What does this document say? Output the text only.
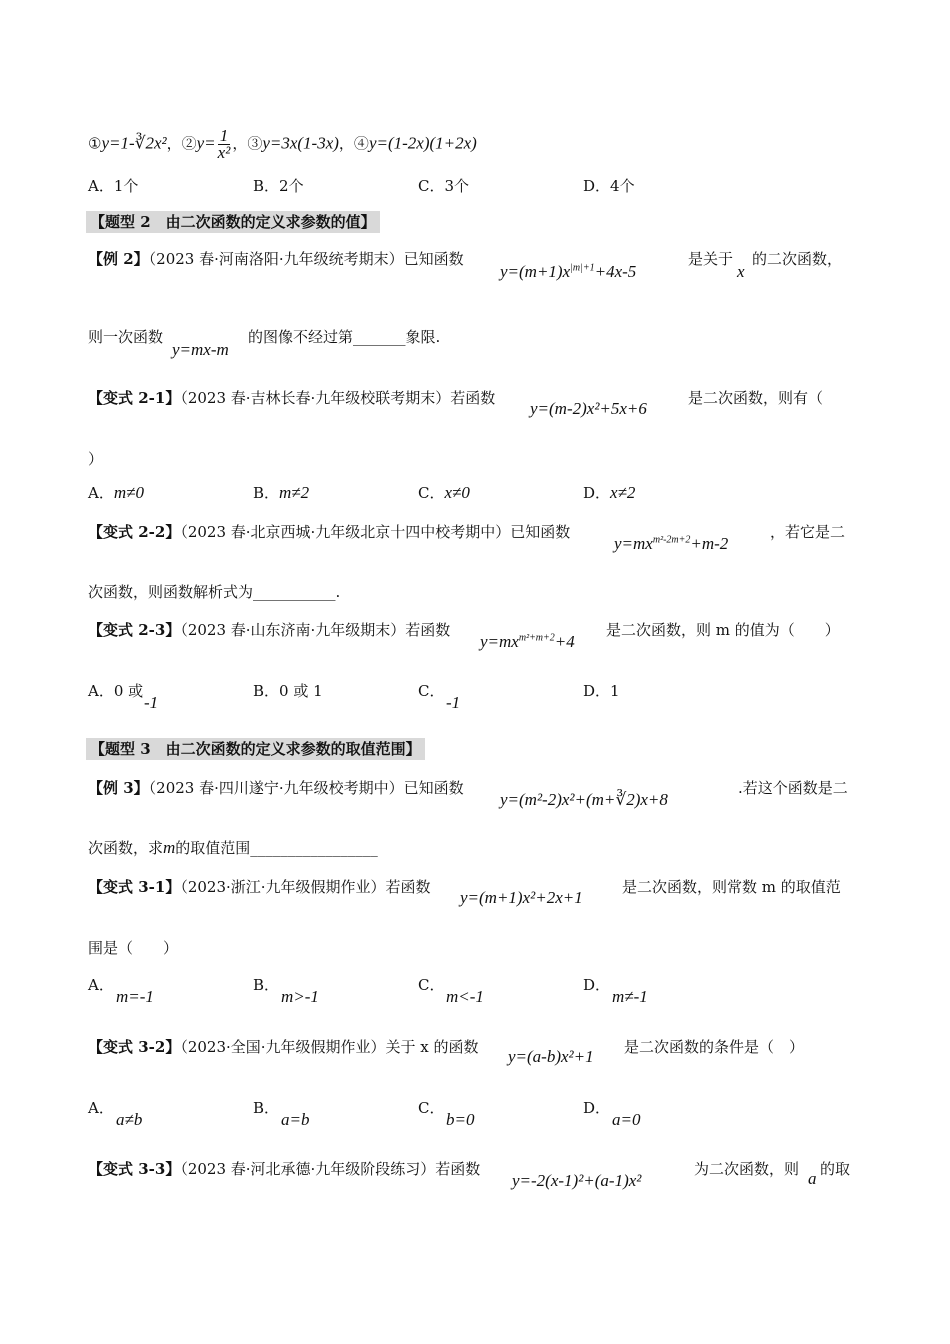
①y=1-∛2x²，②y= $\frac{1}{\text{x²}}$ ，③y=3x(1-3x)，④y=(1-2x)(1+2x)
A．1个	B．2个	C．3个	D．4个
【题型 2　由二次函数的定义求参数的值】
【例 2】（2023 春·河南洛阳·九年级统考期末）已知函数
$y=(m+1)x^{|m|+1}+4x-5$
是关于
x
的二次函数，
则一次函数
y=mx-m
的图像不经过第_______象限.
【变式 2-1】（2023 春·吉林长春·九年级校联考期末）若函数
y=(m-2)x²+5x+6
是二次函数，则有（
）
A．m≠0	B．m≠2	C．x≠0	D．x≠2
【变式 2-2】（2023 春·北京西城·九年级北京十四中校考期中）已知函数
$y=mx^{m^2-2m+2}+m-2$
，若它是二
次函数，则函数解析式为___________.
【变式 2-3】（2023 春·山东济南·九年级期末）若函数
$y=mx^{m^2+m+2}+4$
是二次函数，则 m 的值为（　　）
A．0 或
-1
B．0 或 1	C．
-1
D．1
【题型 3　由二次函数的定义求参数的取值范围】
【例 3】（2023 春·四川遂宁·九年级校考期中）已知函数
y=(m²-2)x²+(m+∛2)x+8
.若这个函数是二
次函数，求m的取值范围_________________
【变式 3-1】（2023·浙江·九年级假期作业）若函数
y=(m+1)x²+2x+1
是二次函数，则常数 m 的取值范
围是（　　）
A．
m=-1
B．
m>-1
C．
m<-1
D．
m≠-1
【变式 3-2】（2023·全国·九年级假期作业）关于 x 的函数 y=(a-b)x²+1 是二次函数的条件是（　）
A．
a≠b
B．
a=b
C．
b=0
D．
a=0
【变式 3-3】（2023 春·河北承德·九年级阶段练习）若函数
y=-2(x-1)²+(a-1)x²
为二次函数，则 a 的取
